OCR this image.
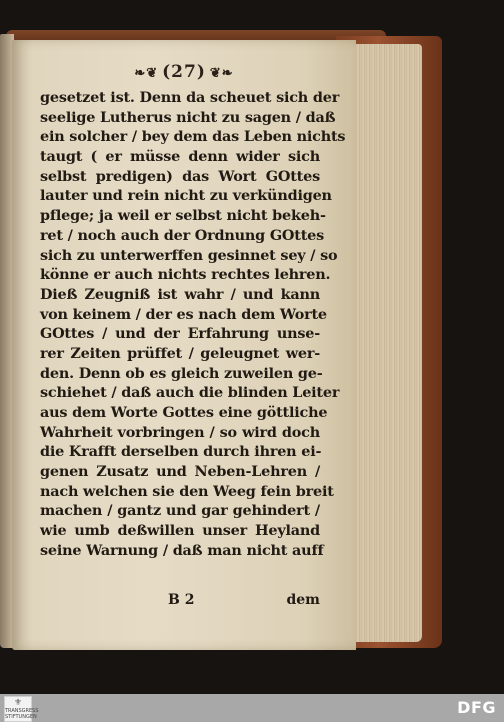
❧❦ (27) ❦❧
gesetzet ist. Denn da scheuet sich der
seelige Lutherus nicht zu sagen / daß
ein solcher / bey dem das Leben nichts
taugt ( er müsse denn wider sich
selbst predigen) das Wort GOttes
lauter und rein nicht zu verkündigen
pflege; ja weil er selbst nicht bekeh-
ret / noch auch der Ordnung GOttes
sich zu unterwerffen gesinnet sey / so
könne er auch nichts rechtes lehren.
Dieß Zeugniß ist wahr / und kann
von keinem / der es nach dem Worte
GOttes / und der Erfahrung unse-
rer Zeiten prüffet / geleugnet wer-
den. Denn ob es gleich zuweilen ge-
schiehet / daß auch die blinden Leiter
aus dem Worte Gottes eine göttliche
Wahrheit vorbringen / so wird doch
die Krafft derselben durch ihren ei-
genen Zusatz und Neben-Lehren /
nach welchen sie den Weeg fein breit
machen / gantz und gar gehindert /
wie umb deßwillen unser Heyland
seine Warnung / daß man nicht auff
B 2	dem
⚜
TRANSGRESS STIFTUNGEN	DFG
